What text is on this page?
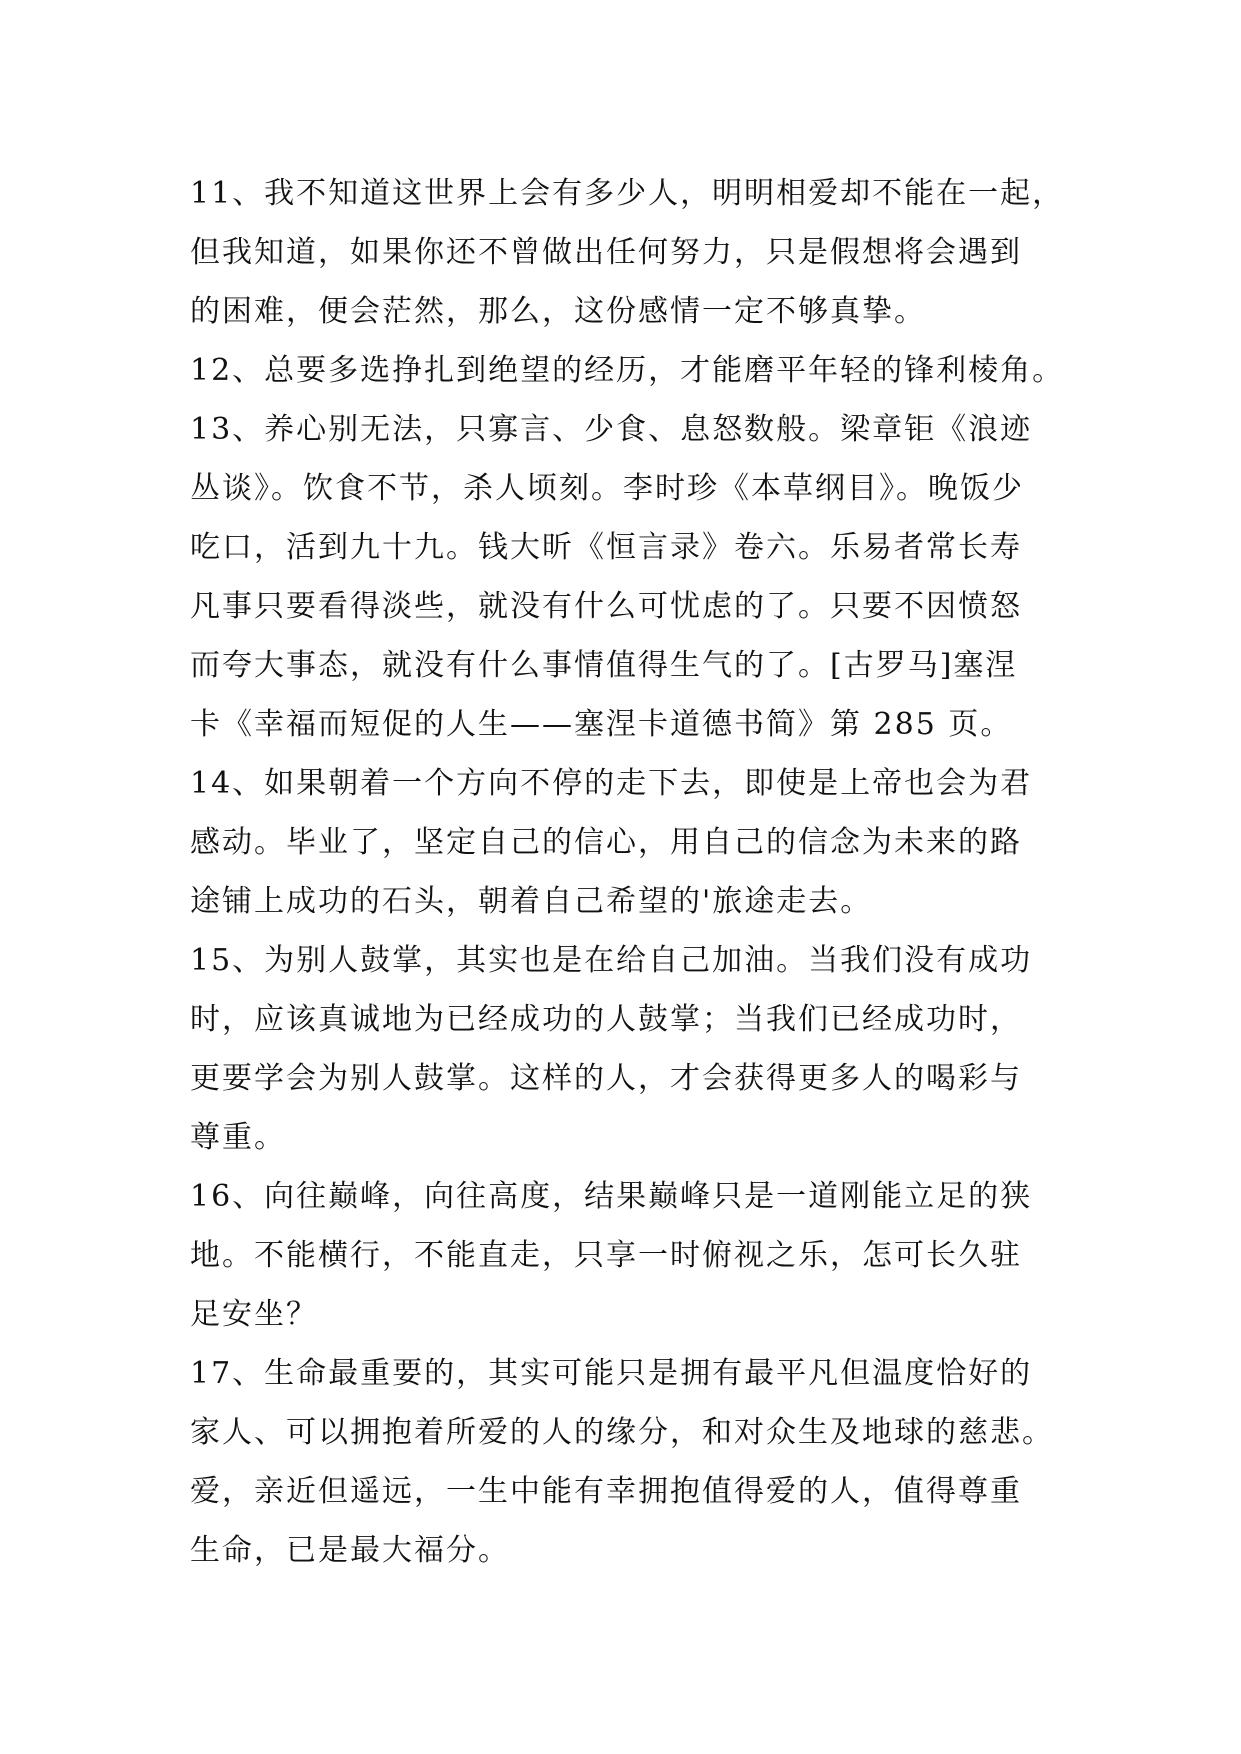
11、我不知道这世界上会有多少人，明明相爱却不能在一起，
但我知道，如果你还不曾做出任何努力，只是假想将会遇到
的困难，便会茫然，那么，这份感情一定不够真挚。
12、总要多选挣扎到绝望的经历，才能磨平年轻的锋利棱角。
13、养心别无法，只寡言、少食、息怒数般。梁章钜《浪迹
丛谈》。饮食不节，杀人顷刻。李时珍《本草纲目》。晚饭少
吃口，活到九十九。钱大昕《恒言录》卷六。乐易者常长寿
凡事只要看得淡些，就没有什么可忧虑的了。只要不因愤怒
而夸大事态，就没有什么事情值得生气的了。[古罗马]塞涅
卡《幸福而短促的人生——塞涅卡道德书简》第 285 页。
14、如果朝着一个方向不停的走下去，即使是上帝也会为君
感动。毕业了，坚定自己的信心，用自己的信念为未来的路
途铺上成功的石头，朝着自己希望的'旅途走去。
15、为别人鼓掌，其实也是在给自己加油。当我们没有成功
时，应该真诚地为已经成功的人鼓掌；当我们已经成功时，
更要学会为别人鼓掌。这样的人，才会获得更多人的喝彩与
尊重。
16、向往巅峰，向往高度，结果巅峰只是一道刚能立足的狭
地。不能横行，不能直走，只享一时俯视之乐，怎可长久驻
足安坐？
17、生命最重要的，其实可能只是拥有最平凡但温度恰好的
家人、可以拥抱着所爱的人的缘分，和对众生及地球的慈悲。
爱，亲近但遥远，一生中能有幸拥抱值得爱的人，值得尊重
生命，已是最大福分。
